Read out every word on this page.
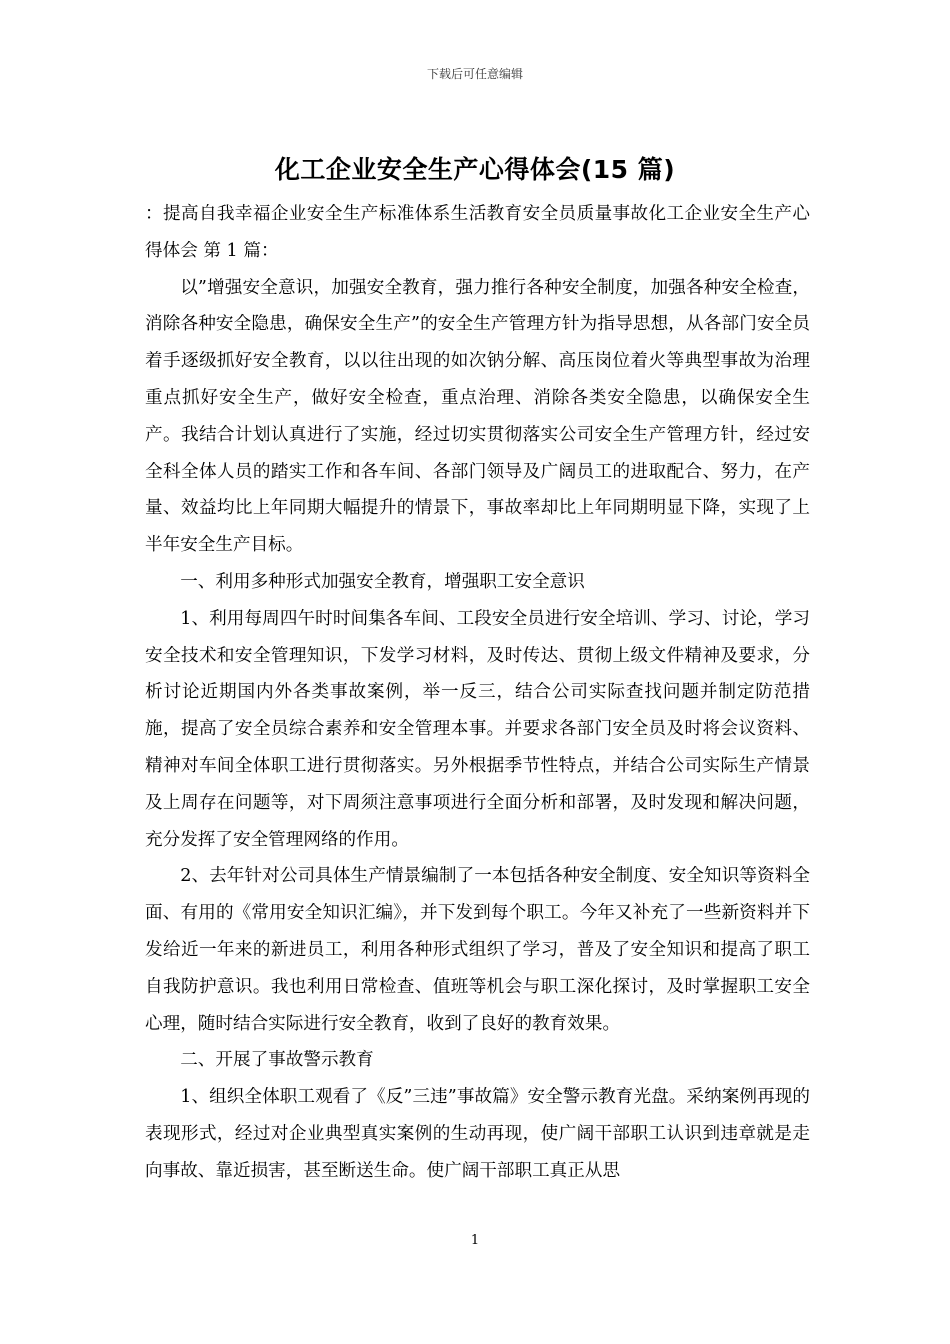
下载后可任意编辑
化工企业安全生产心得体会(15 篇)

：提高自我幸福企业安全生产标准体系生活教育安全员质量事故化工企业安全生产心得体会 第 1 篇：

以”增强安全意识，加强安全教育，强力推行各种安全制度，加强各种安全检查，消除各种安全隐患，确保安全生产”的安全生产管理方针为指导思想，从各部门安全员着手逐级抓好安全教育，以以往出现的如次钠分解、高压岗位着火等典型事故为治理重点抓好安全生产，做好安全检查，重点治理、消除各类安全隐患，以确保安全生产。我结合计划认真进行了实施，经过切实贯彻落实公司安全生产管理方针，经过安全科全体人员的踏实工作和各车间、各部门领导及广阔员工的进取配合、努力，在产量、效益均比上年同期大幅提升的情景下，事故率却比上年同期明显下降，实现了上半年安全生产目标。

一、利用多种形式加强安全教育，增强职工安全意识

1、利用每周四午时时间集各车间、工段安全员进行安全培训、学习、讨论，学习安全技术和安全管理知识，下发学习材料，及时传达、贯彻上级文件精神及要求，分析讨论近期国内外各类事故案例，举一反三，结合公司实际查找问题并制定防范措施，提高了安全员综合素养和安全管理本事。并要求各部门安全员及时将会议资料、精神对车间全体职工进行贯彻落实。另外根据季节性特点，并结合公司实际生产情景及上周存在问题等，对下周须注意事项进行全面分析和部署，及时发现和解决问题，充分发挥了安全管理网络的作用。

2、去年针对公司具体生产情景编制了一本包括各种安全制度、安全知识等资料全面、有用的《常用安全知识汇编》，并下发到每个职工。今年又补充了一些新资料并下发给近一年来的新进员工，利用各种形式组织了学习，普及了安全知识和提高了职工自我防护意识。我也利用日常检查、值班等机会与职工深化探讨，及时掌握职工安全心理，随时结合实际进行安全教育，收到了良好的教育效果。

二、开展了事故警示教育

1、组织全体职工观看了《反”三违”事故篇》安全警示教育光盘。采纳案例再现的表现形式，经过对企业典型真实案例的生动再现，使广阔干部职工认识到违章就是走向事故、靠近损害，甚至断送生命。使广阔干部职工真正从思

1
